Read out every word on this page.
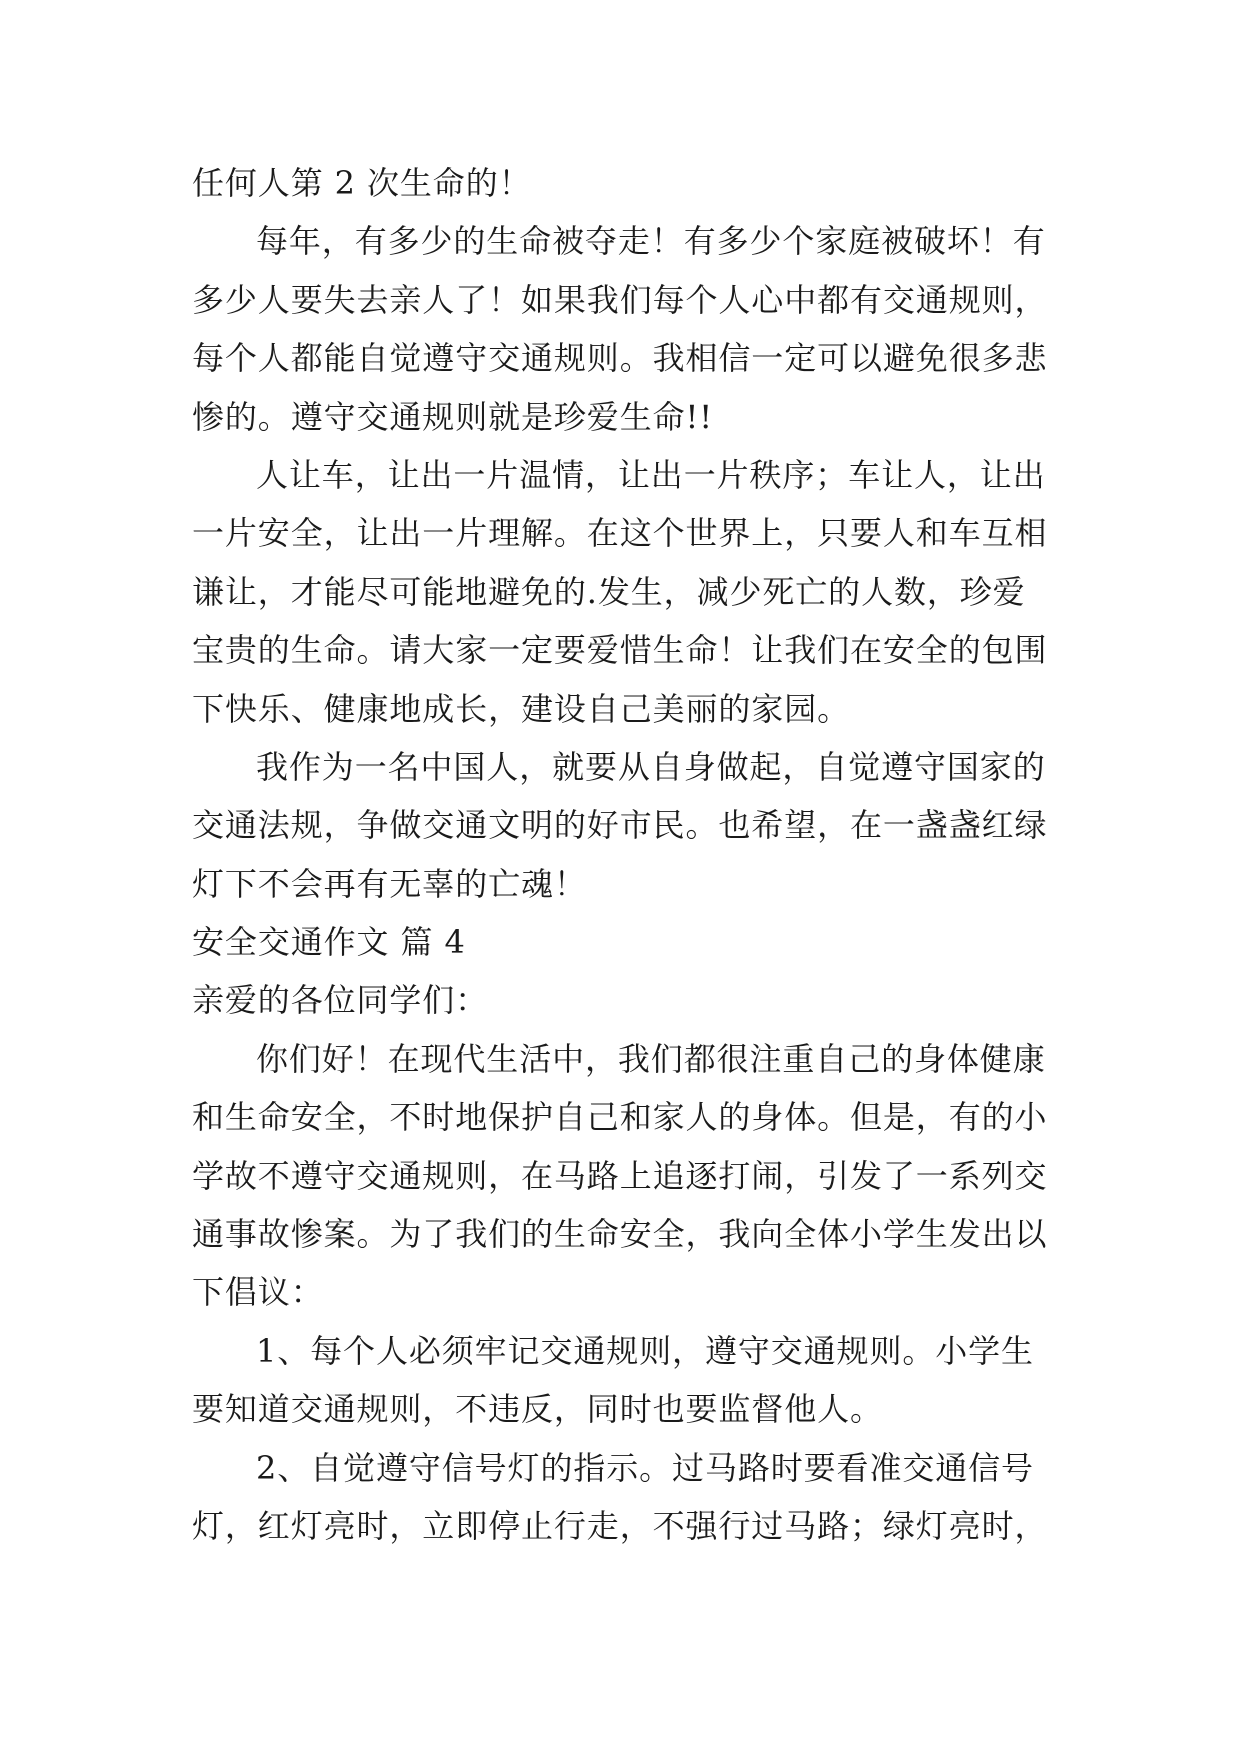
任何人第 2 次生命的！
每年，有多少的生命被夺走！有多少个家庭被破坏！有
多少人要失去亲人了！如果我们每个人心中都有交通规则，
每个人都能自觉遵守交通规则。我相信一定可以避免很多悲
惨的。遵守交通规则就是珍爱生命!!
人让车，让出一片温情，让出一片秩序；车让人，让出
一片安全，让出一片理解。在这个世界上，只要人和车互相
谦让，才能尽可能地避免的.发生，减少死亡的人数，珍爱
宝贵的生命。请大家一定要爱惜生命！让我们在安全的包围
下快乐、健康地成长，建设自己美丽的家园。
我作为一名中国人，就要从自身做起，自觉遵守国家的
交通法规，争做交通文明的好市民。也希望，在一盏盏红绿
灯下不会再有无辜的亡魂！
安全交通作文 篇 4
亲爱的各位同学们：
你们好！在现代生活中，我们都很注重自己的身体健康
和生命安全，不时地保护自己和家人的身体。但是，有的小
学故不遵守交通规则，在马路上追逐打闹，引发了一系列交
通事故惨案。为了我们的生命安全，我向全体小学生发出以
下倡议：
1、每个人必须牢记交通规则，遵守交通规则。小学生
要知道交通规则，不违反，同时也要监督他人。
2、自觉遵守信号灯的指示。过马路时要看准交通信号
灯，红灯亮时，立即停止行走，不强行过马路；绿灯亮时，
